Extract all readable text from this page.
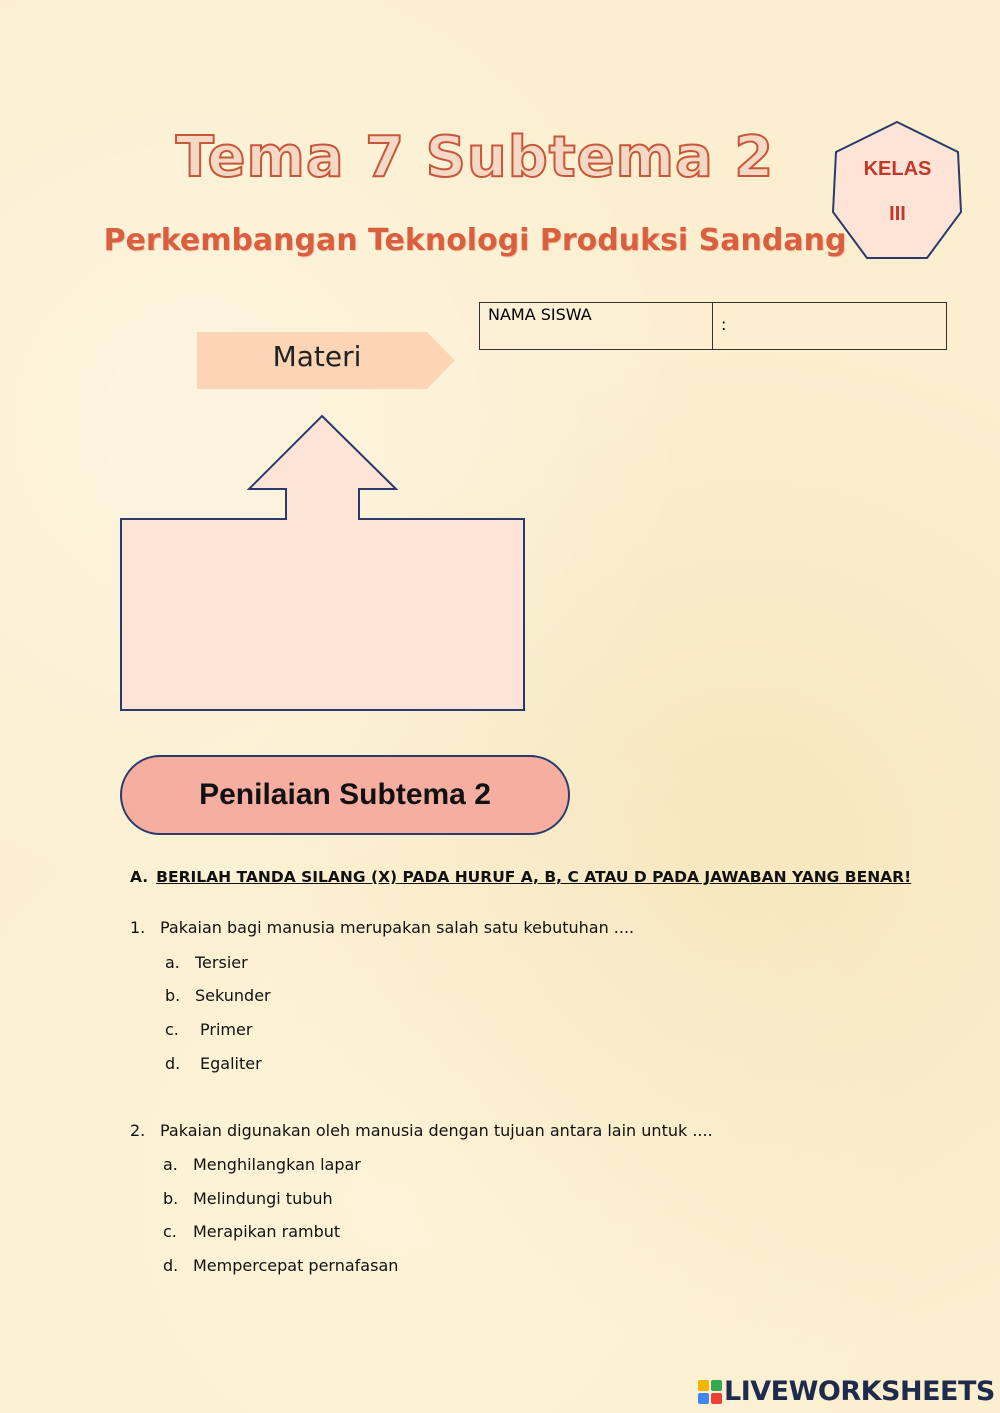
Tema 7 Subtema 2
Perkembangan Teknologi Produksi Sandang
KELAS
III
NAMA SISWA	:
Materi
Penilaian Subtema 2
A. BERILAH TANDA SILANG (X) PADA HURUF A, B, C ATAU D PADA JAWABAN YANG BENAR!
1. Pakaian bagi manusia merupakan salah satu kebutuhan ....
a. Tersier
b. Sekunder
c. Primer
d. Egaliter
2. Pakaian digunakan oleh manusia dengan tujuan antara lain untuk ....
a. Menghilangkan lapar
b. Melindungi tubuh
c. Merapikan rambut
d. Mempercepat pernafasan
LIVEWORKSHEETS
